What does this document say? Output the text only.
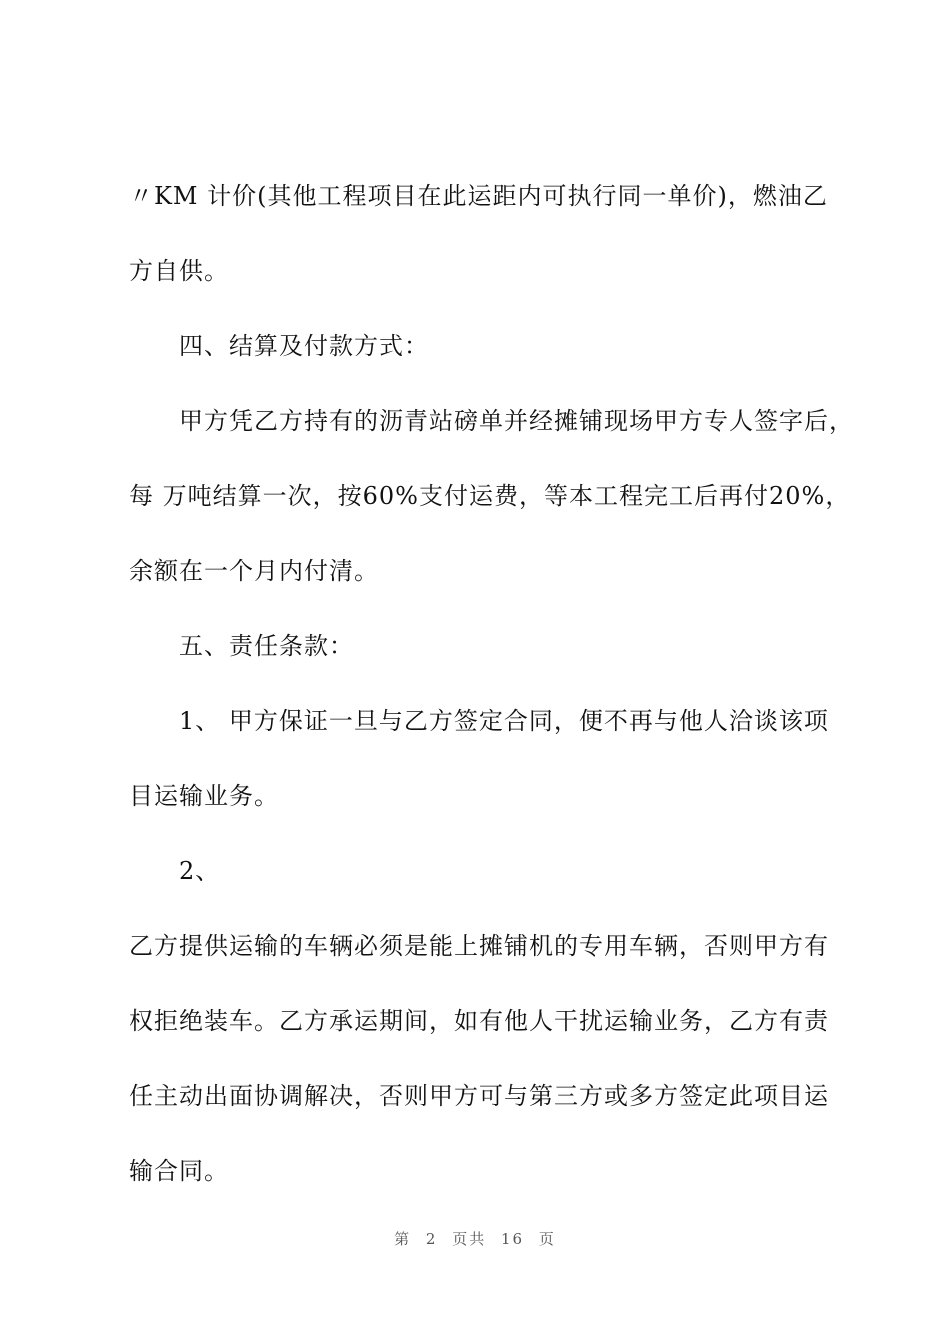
〃KM 计价(其他工程项目在此运距内可执行同一单价)，燃油乙

方自供。

四、结算及付款方式：

甲方凭乙方持有的沥青站磅单并经摊铺现场甲方专人签字后，

每 万吨结算一次，按60%支付运费，等本工程完工后再付20%，

余额在一个月内付清。

五、责任条款：

1、 甲方保证一旦与乙方签定合同，便不再与他人洽谈该项

目运输业务。

2、

乙方提供运输的车辆必须是能上摊铺机的专用车辆，否则甲方有

权拒绝装车。乙方承运期间，如有他人干扰运输业务，乙方有责

任主动出面协调解决，否则甲方可与第三方或多方签定此项目运

输合同。

第 2 页共 16 页
